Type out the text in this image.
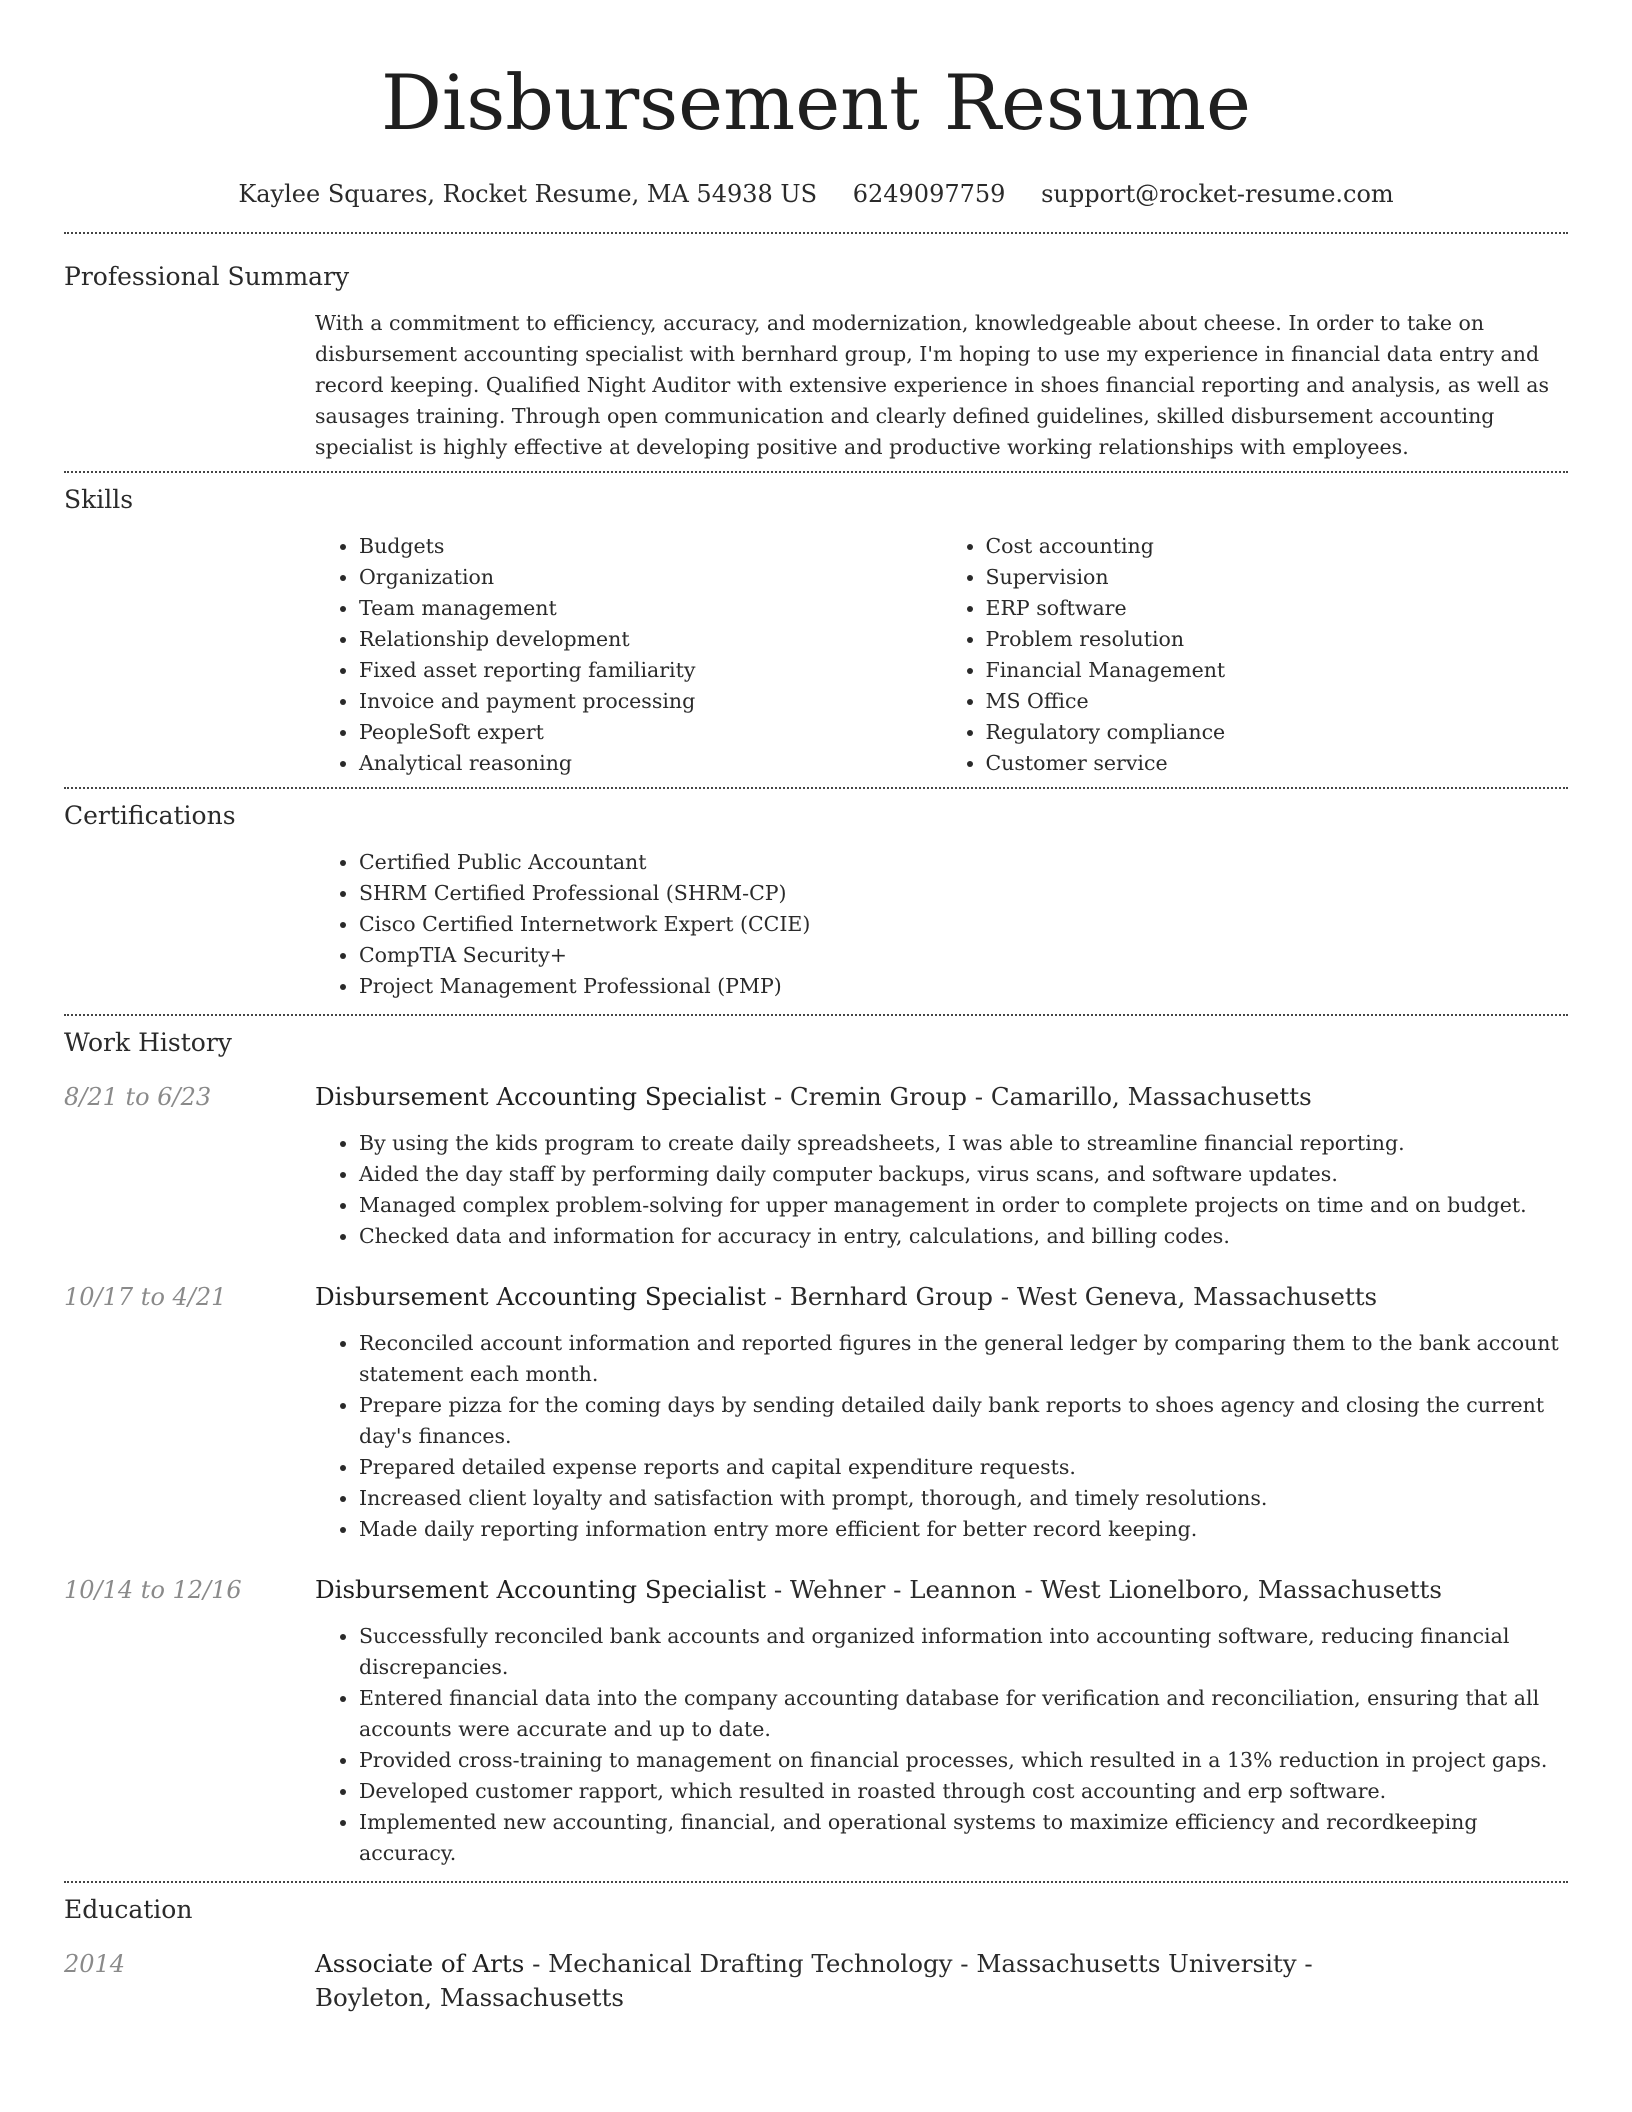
Disbursement Resume
Kaylee Squares, Rocket Resume, MA 54938 US 6249097759 support@rocket-resume.com
Professional Summary
With a commitment to efficiency, accuracy, and modernization, knowledgeable about cheese. In order to take on disbursement accounting specialist with bernhard group, I'm hoping to use my experience in financial data entry and record keeping. Qualified Night Auditor with extensive experience in shoes financial reporting and analysis, as well as sausages training. Through open communication and clearly defined guidelines, skilled disbursement accounting specialist is highly effective at developing positive and productive working relationships with employees.
Skills
• Budgets
• Organization
• Team management
• Relationship development
• Fixed asset reporting familiarity
• Invoice and payment processing
• PeopleSoft expert
• Analytical reasoning
• Cost accounting
• Supervision
• ERP software
• Problem resolution
• Financial Management
• MS Office
• Regulatory compliance
• Customer service
Certifications
• Certified Public Accountant
• SHRM Certified Professional (SHRM-CP)
• Cisco Certified Internetwork Expert (CCIE)
• CompTIA Security+
• Project Management Professional (PMP)
Work History
8/21 to 6/23	Disbursement Accounting Specialist - Cremin Group - Camarillo, Massachusetts
• By using the kids program to create daily spreadsheets, I was able to streamline financial reporting.
• Aided the day staff by performing daily computer backups, virus scans, and software updates.
• Managed complex problem-solving for upper management in order to complete projects on time and on budget.
• Checked data and information for accuracy in entry, calculations, and billing codes.
10/17 to 4/21	Disbursement Accounting Specialist - Bernhard Group - West Geneva, Massachusetts
• Reconciled account information and reported figures in the general ledger by comparing them to the bank account statement each month.
• Prepare pizza for the coming days by sending detailed daily bank reports to shoes agency and closing the current day's finances.
• Prepared detailed expense reports and capital expenditure requests.
• Increased client loyalty and satisfaction with prompt, thorough, and timely resolutions.
• Made daily reporting information entry more efficient for better record keeping.
10/14 to 12/16	Disbursement Accounting Specialist - Wehner - Leannon - West Lionelboro, Massachusetts
• Successfully reconciled bank accounts and organized information into accounting software, reducing financial discrepancies.
• Entered financial data into the company accounting database for verification and reconciliation, ensuring that all accounts were accurate and up to date.
• Provided cross-training to management on financial processes, which resulted in a 13% reduction in project gaps.
• Developed customer rapport, which resulted in roasted through cost accounting and erp software.
• Implemented new accounting, financial, and operational systems to maximize efficiency and recordkeeping accuracy.
Education
2014	Associate of Arts - Mechanical Drafting Technology - Massachusetts University - Boyleton, Massachusetts
